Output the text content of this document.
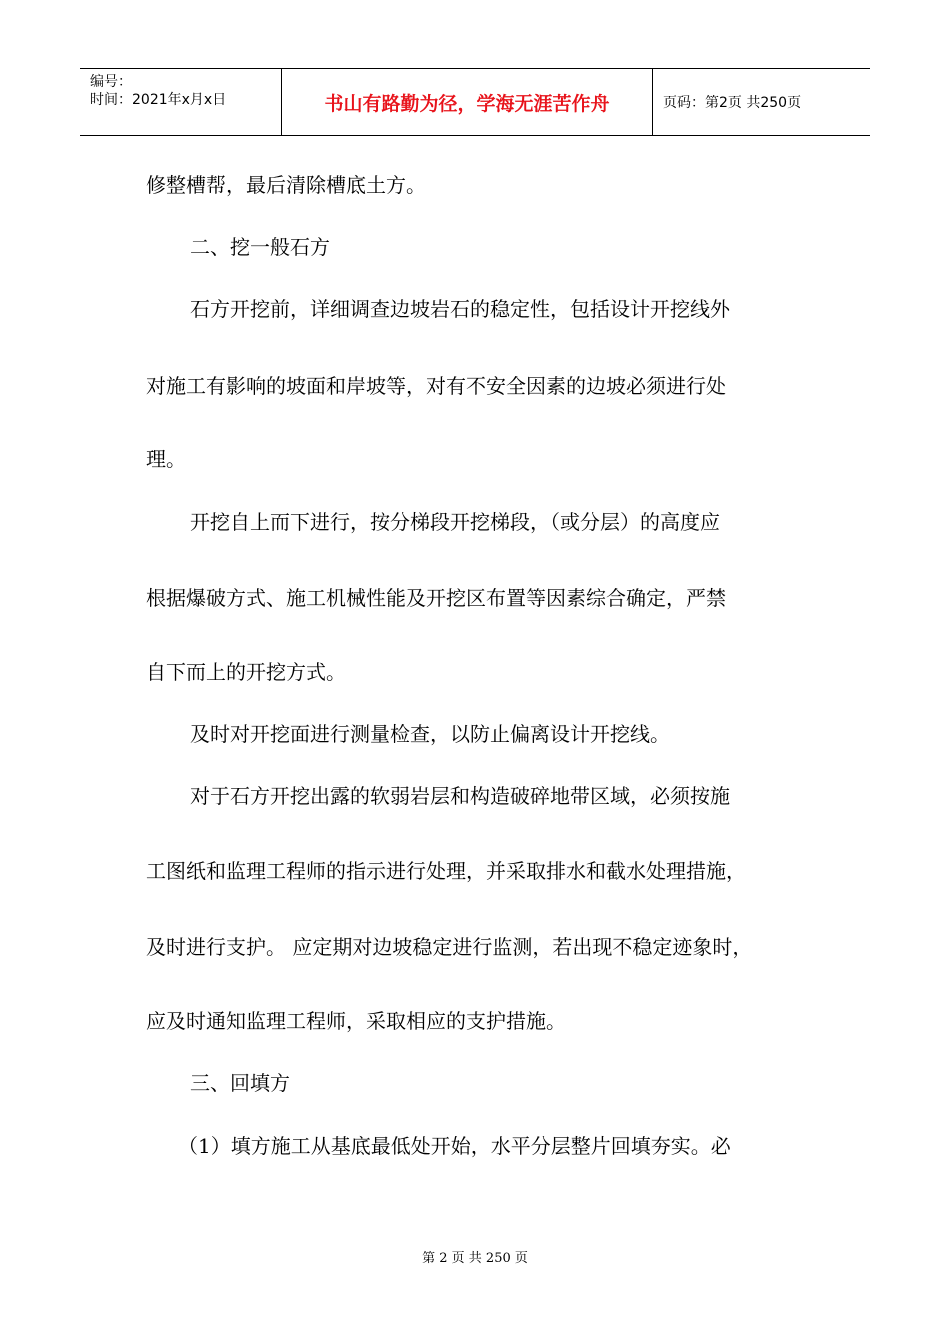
编号：
时间：2021年x月x日	书山有路勤为径，学海无涯苦作舟	页码：第2页 共250页
修整槽帮，最后清除槽底土方。
二、挖一般石方
石方开挖前，详细调查边坡岩石的稳定性，包括设计开挖线外
对施工有影响的坡面和岸坡等，对有不安全因素的边坡必须进行处
理。
开挖自上而下进行，按分梯段开挖梯段，（或分层）的高度应
根据爆破方式、施工机械性能及开挖区布置等因素综合确定，严禁
自下而上的开挖方式。
及时对开挖面进行测量检查，以防止偏离设计开挖线。
对于石方开挖出露的软弱岩层和构造破碎地带区域，必须按施
工图纸和监理工程师的指示进行处理，并采取排水和截水处理措施，
及时进行支护。 应定期对边坡稳定进行监测，若出现不稳定迹象时，
应及时通知监理工程师，采取相应的支护措施。
三、回填方
（1）填方施工从基底最低处开始，水平分层整片回填夯实。必
第 2 页 共 250 页
